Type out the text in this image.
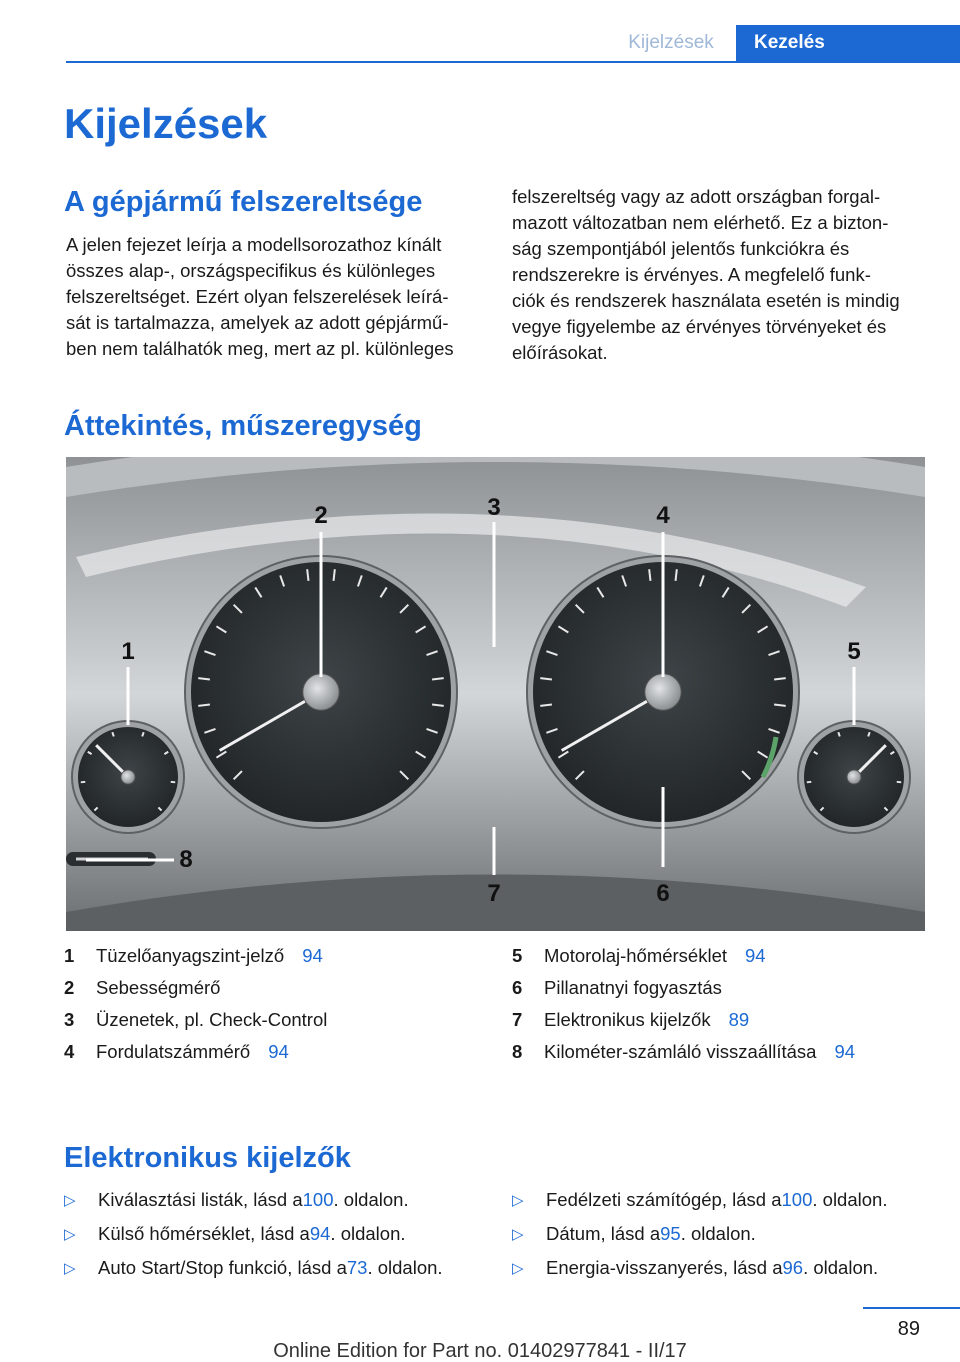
Kijelzések	Kezelés
Kijelzések
A gépjármű felszereltsége
A jelen fejezet leírja a modellsorozathoz kínált
összes alap-, országspecifikus és különleges
felszereltséget. Ezért olyan felszerelések leírá-
sát is tartalmazza, amelyek az adott gépjármű-
ben nem találhatók meg, mert az pl. különleges
felszereltség vagy az adott országban forgal-
mazott változatban nem elérhető. Ez a bizton-
ság szempontjából jelentős funkciókra és
rendszerekre is érvényes. A megfelelő funk-
ciók és rendszerek használata esetén is mindig
vegye figyelembe az érvényes törvényeket és
előírásokat.
Áttekintés, műszeregység
1
2	3	4
5
6
7
8
1	Tüzelőanyagszint-jelző 94
2	Sebességmérő
3	Üzenetek, pl. Check-Control
4	Fordulatszámmérő 94
5	Motorolaj-hőmérséklet 94
6	Pillanatnyi fogyasztás
7	Elektronikus kijelzők 89
8	Kilométer-számláló visszaállítása 94
Elektronikus kijelzők
▷	Kiválasztási listák, lásd a 100 . oldalon.
▷	Külső hőmérséklet, lásd a 94 . oldalon.
▷	Auto Start/Stop funkció, lásd a 73 . oldalon.
▷	Fedélzeti számítógép, lásd a 100 . oldalon.
▷	Dátum, lásd a 95 . oldalon.
▷	Energia-visszanyerés, lásd a 96 . oldalon.
89
Online Edition for Part no. 01402977841 - II/17
